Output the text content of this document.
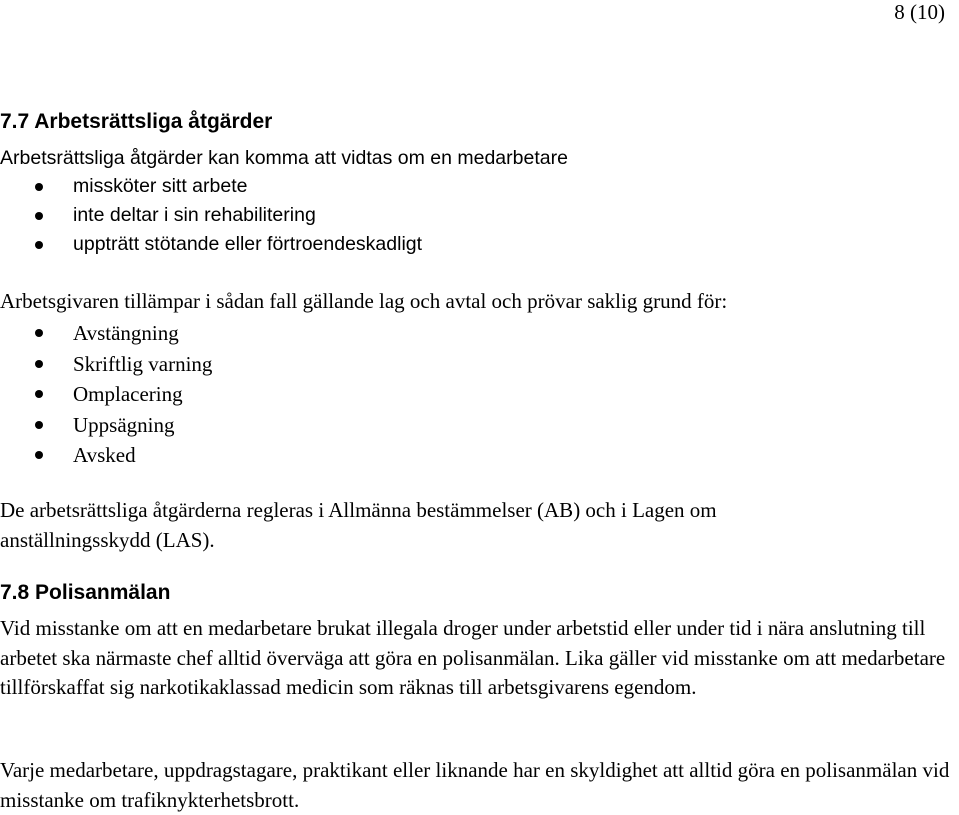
8 (10)
7.7 Arbetsrättsliga åtgärder
Arbetsrättsliga åtgärder kan komma att vidtas om en medarbetare
missköter sitt arbete
inte deltar i sin rehabilitering
uppträtt stötande eller förtroendeskadligt

Arbetsgivaren tillämpar i sådan fall gällande lag och avtal och prövar saklig grund för:

Avstängning
Skriftlig varning
Omplacering
Uppsägning
Avsked

De arbetsrättsliga åtgärderna regleras i Allmänna bestämmelser (AB) och i Lagen om anställningsskydd (LAS).

7.8 Polisanmälan

Vid misstanke om att en medarbetare brukat illegala droger under arbetstid eller under tid i nära anslutning till arbetet ska närmaste chef alltid överväga att göra en polisanmälan. Lika gäller vid misstanke om att medarbetare tillförskaffat sig narkotikaklassad medicin som räknas till arbetsgivarens egendom.

Varje medarbetare, uppdragstagare, praktikant eller liknande har en skyldighet att alltid göra en polisanmälan vid misstanke om trafiknykterhetsbrott.
